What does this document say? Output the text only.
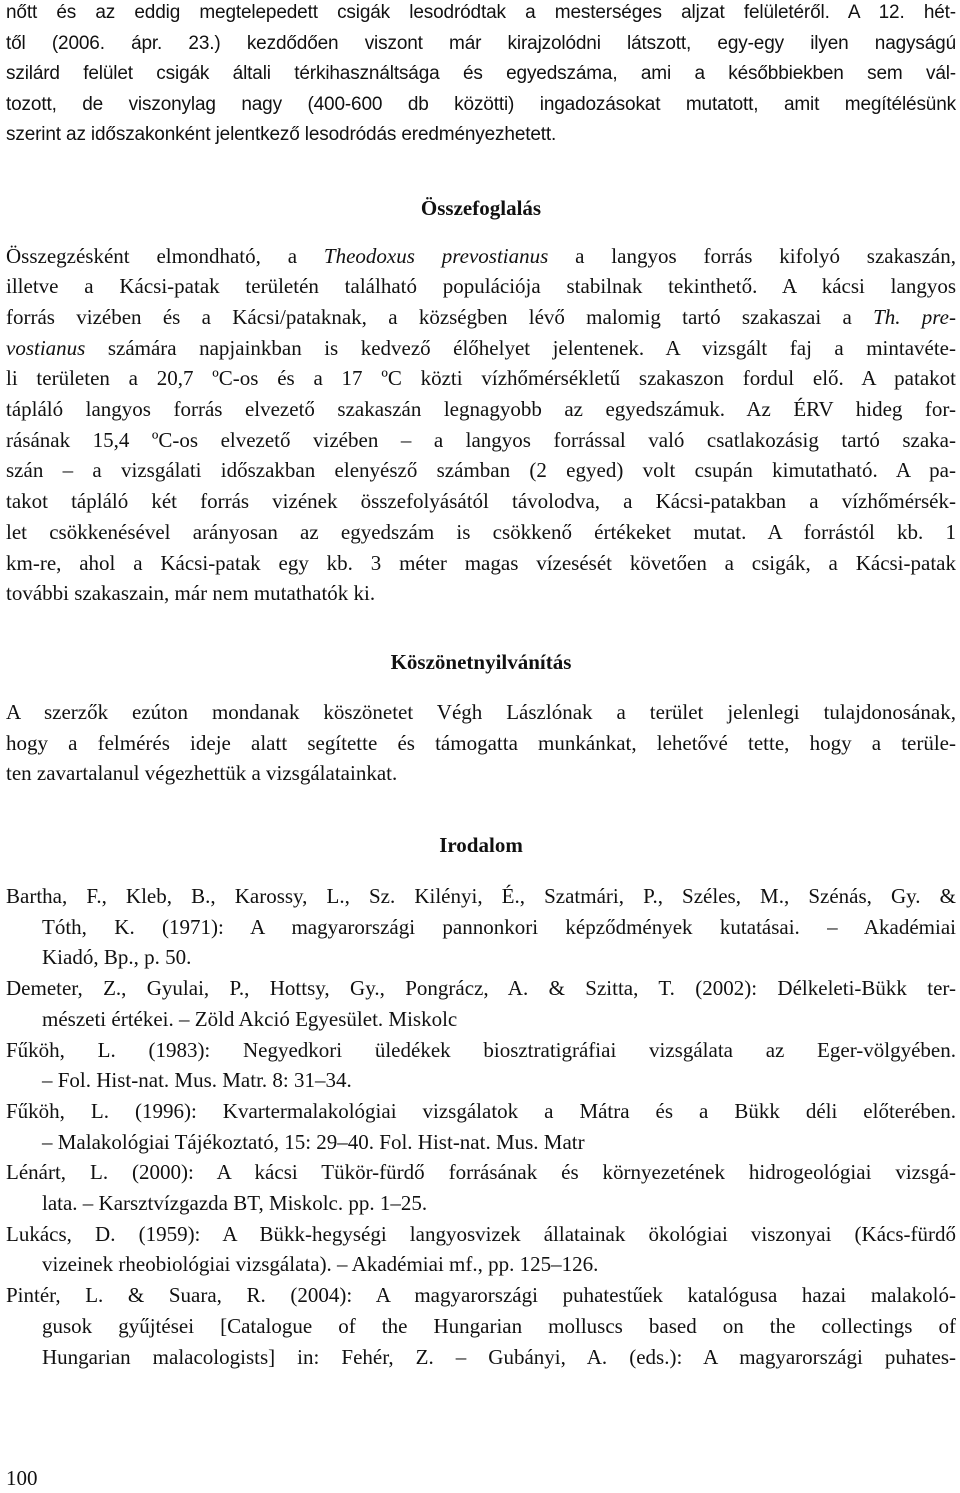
nőtt és az eddig megtelepedett csigák lesodródtak a mesterséges aljzat felületéről. A 12. hét-
től (2006. ápr. 23.) kezdődően viszont már kirajzolódni látszott, egy-egy ilyen nagyságú
szilárd felület csigák általi térkihasználtsága és egyedszáma, ami a későbbiekben sem vál-
tozott, de viszonylag nagy (400-600 db közötti) ingadozásokat mutatott, amit megítélésünk
szerint az időszakonként jelentkező lesodródás eredményezhetett.
Összefoglalás
Összegzésként elmondható, a Theodoxus prevostianus a langyos forrás kifolyó szakaszán,
illetve a Kácsi-patak területén található populációja stabilnak tekinthető. A kácsi langyos
forrás vizében és a Kácsi/pataknak, a községben lévő malomig tartó szakaszai a Th. pre-
vostianus számára napjainkban is kedvező élőhelyet jelentenek. A vizsgált faj a mintavéte-
li területen a 20,7 ºC-os és a 17 ºC közti vízhőmérsékletű szakaszon fordul elő. A patakot
tápláló langyos forrás elvezető szakaszán legnagyobb az egyedszámuk. Az ÉRV hideg for-
rásának 15,4 ºC-os elvezető vizében – a langyos forrással való csatlakozásig tartó szaka-
szán – a vizsgálati időszakban elenyésző számban (2 egyed) volt csupán kimutatható. A pa-
takot tápláló két forrás vizének összefolyásától távolodva, a Kácsi-patakban a vízhőmérsék-
let csökkenésével arányosan az egyedszám is csökkenő értékeket mutat. A forrástól kb. 1
km-re, ahol a Kácsi-patak egy kb. 3 méter magas vízesését követően a csigák, a Kácsi-patak
további szakaszain, már nem mutathatók ki.
Köszönetnyilvánítás
A szerzők ezúton mondanak köszönetet Végh Lászlónak a terület jelenlegi tulajdonosának,
hogy a felmérés ideje alatt segítette és támogatta munkánkat, lehetővé tette, hogy a terüle-
ten zavartalanul végezhettük a vizsgálatainkat.
Irodalom
Bartha, F., Kleb, B., Karossy, L., Sz. Kilényi, É., Szatmári, P., Széles, M., Szénás, Gy. &
Tóth, K. (1971): A magyarországi pannonkori képződmények kutatásai. – Akadémiai
Kiadó, Bp., p. 50.
Demeter, Z., Gyulai, P., Hottsy, Gy., Pongrácz, A. & Szitta, T. (2002): Délkeleti-Bükk ter-
mészeti értékei. – Zöld Akció Egyesület. Miskolc
Fűköh, L. (1983): Negyedkori üledékek biosztratigráfiai vizsgálata az Eger-völgyében.
– Fol. Hist-nat. Mus. Matr. 8: 31–34.
Fűköh, L. (1996): Kvartermalakológiai vizsgálatok a Mátra és a Bükk déli előterében.
– Malakológiai Tájékoztató, 15: 29–40. Fol. Hist-nat. Mus. Matr
Lénárt, L. (2000): A kácsi Tükör-fürdő forrásának és környezetének hidrogeológiai vizsgá-
lata. – Karsztvízgazda BT, Miskolc. pp. 1–25.
Lukács, D. (1959): A Bükk-hegységi langyosvizek állatainak ökológiai viszonyai (Kács-fürdő
vizeinek rheobiológiai vizsgálata). – Akadémiai mf., pp. 125–126.
Pintér, L. & Suara, R. (2004): A magyarországi puhatestűek katalógusa hazai malakoló-
gusok gyűjtései [Catalogue of the Hungarian molluscs based on the collectings of
Hungarian malacologists] in: Fehér, Z. – Gubányi, A. (eds.): A magyarországi puhates-
100
